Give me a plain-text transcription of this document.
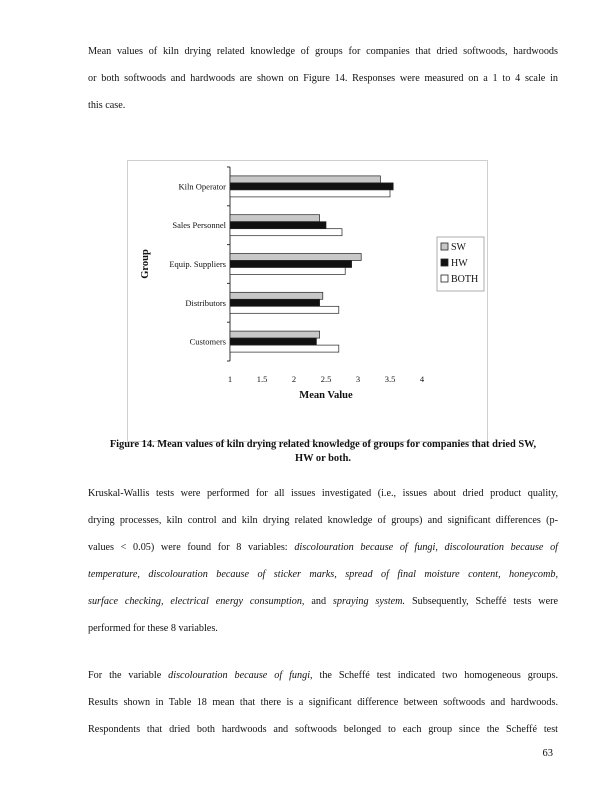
Mean values of kiln drying related knowledge of groups for companies that dried softwoods, hardwoods
or both softwoods and hardwoods are shown on Figure 14. Responses were measured on a 1 to 4 scale in
this case.

Kiln Operator
Sales Personnel
Equip. Suppliers
Distributors
Customers
1	1.5	2	2.5	3	3.5	4
Mean Value
Group
SW
HW
BOTH
Figure 14. Mean values of kiln drying related knowledge of groups for companies that dried SW,
HW or both.

Kruskal-Wallis tests were performed for all issues investigated (i.e., issues about dried product quality,
drying processes, kiln control and kiln drying related knowledge of groups) and significant differences (p-
values < 0.05) were found for 8 variables: discolouration because of fungi, discolouration because of
temperature, discolouration because of sticker marks, spread of final moisture content, honeycomb,
surface checking, electrical energy consumption, and spraying system. Subsequently, Scheffé tests were
performed for these 8 variables.

For the variable discolouration because of fungi, the Scheffé test indicated two homogeneous groups.
Results shown in Table 18 mean that there is a significant difference between softwoods and hardwoods.
Respondents that dried both hardwoods and softwoods belonged to each group since the Scheffé test

63
